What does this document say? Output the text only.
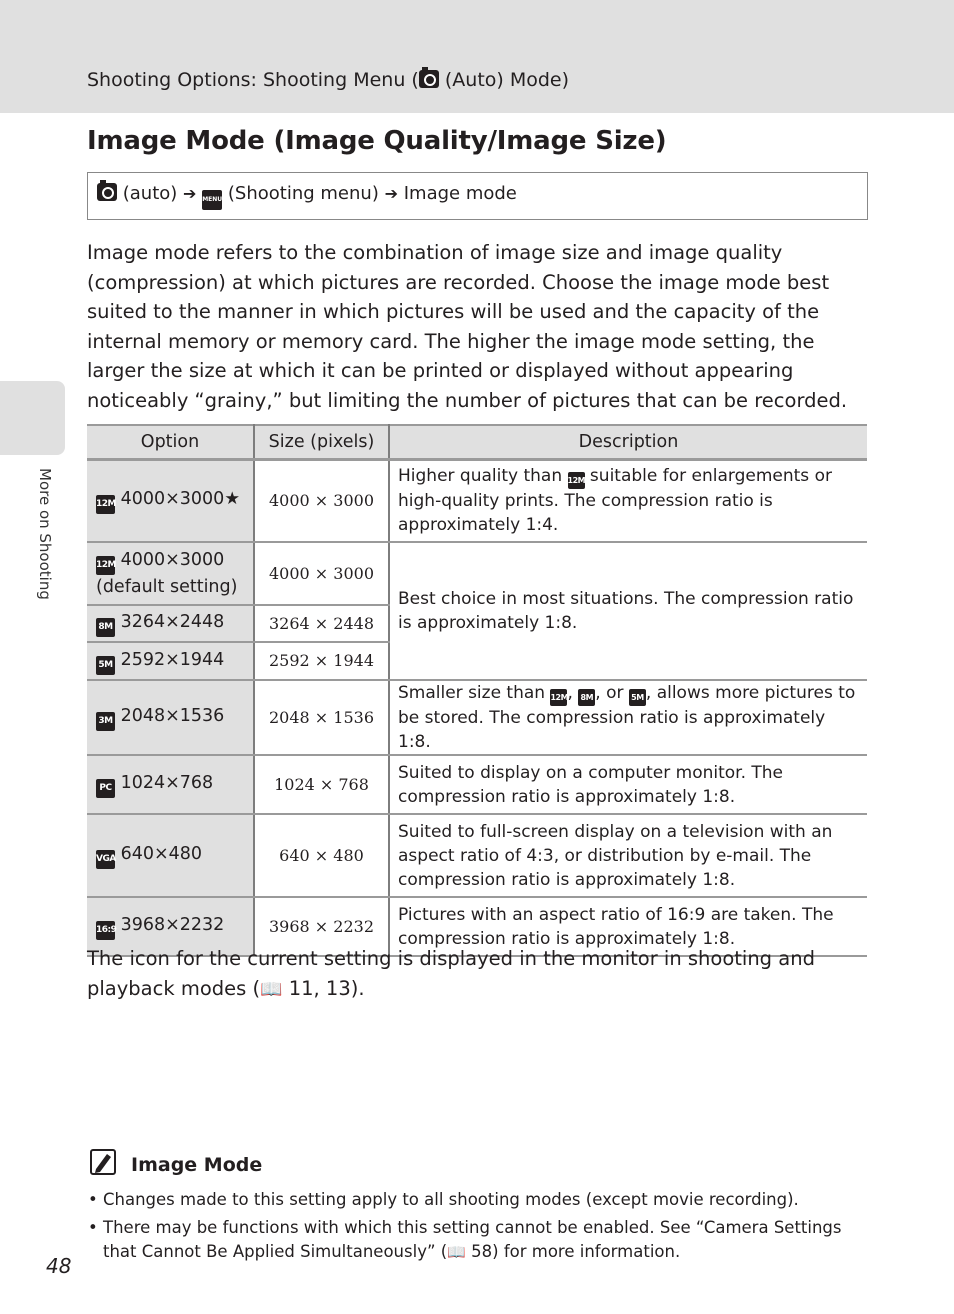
Shooting Options: Shooting Menu ( (Auto) Mode)
More on Shooting
Image Mode (Image Quality/Image Size)
(auto) ➔ MENU (Shooting menu) ➔ Image mode

Image mode refers to the combination of image size and image quality (compression) at which pictures are recorded. Choose the image mode best suited to the manner in which pictures will be used and the capacity of the internal memory or memory card. The higher the image mode setting, the larger the size at which it can be printed or displayed without appearing noticeably “grainy,” but limiting the number of pictures that can be recorded.

Option	Size (pixels)	Description
12M 4000×3000★	4000 × 3000	Higher quality than 12M suitable for enlargements or high-quality prints. The compression ratio is approximately 1:4.
12M 4000×3000
(default setting)	4000 × 3000	Best choice in most situations. The compression ratio is approximately 1:8.
8M 3264×2448	3264 × 2448	
5M 2592×1944	2592 × 1944	
3M 2048×1536	2048 × 1536	Smaller size than 12M, 8M , or 5M , allows more pictures to be stored. The compression ratio is approximately 1:8.
PC 1024×768	1024 × 768	Suited to display on a computer monitor. The compression ratio is approximately 1:8.
VGA 640×480	640 × 480	Suited to full-screen display on a television with an aspect ratio of 4:3, or distribution by e-mail. The compression ratio is approximately 1:8.
16:9 3968×2232	3968 × 2232	Pictures with an aspect ratio of 16:9 are taken. The compression ratio is approximately 1:8.

The icon for the current setting is displayed in the monitor in shooting and playback modes (📖 11, 13).

Image Mode
• Changes made to this setting apply to all shooting modes (except movie recording).
• There may be functions with which this setting cannot be enabled. See “Camera Settings that Cannot Be Applied Simultaneously” (📖 58) for more information.
48
